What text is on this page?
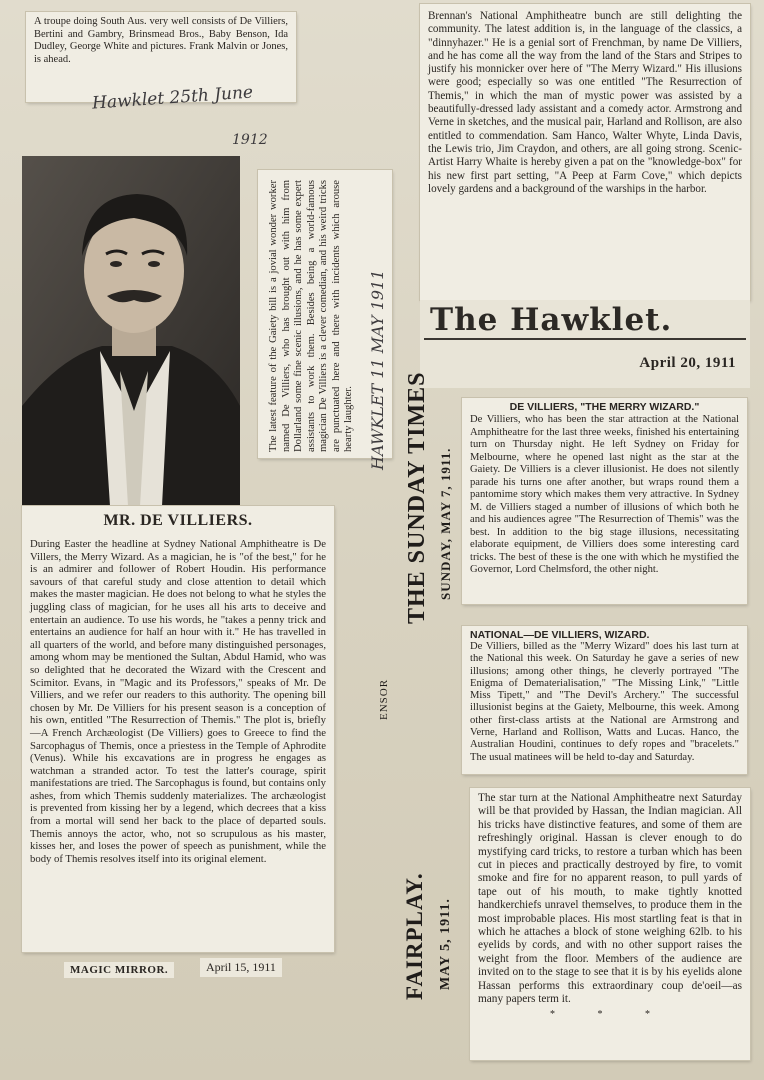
A troupe doing South Aus. very well consists of De Villiers, Bertini and Gambry, Brinsmead Bros., Baby Benson, Ida Dudley, George White and pictures. Frank Malvin or Jones, is ahead.
Hawklet 25th June
1912
The latest feature of the Gaiety bill is a jovial wonder worker named De Villiers, who has brought out with him from Dollarland some fine scenic illusions, and he has some expert assistants to work them. Besides being a world-famous magician De Villiers is a clever comedian, and his weird tricks are punctuated here and there with incidents which arouse hearty laughter. HAWKLET 11 MAY 1911
Brennan's National Amphitheatre bunch are still delighting the community. The latest addition is, in the language of the classics, a "dinnyhazer." He is a genial sort of Frenchman, by name De Villiers, and he has come all the way from the land of the Stars and Stripes to justify his monnicker over here of "The Merry Wizard." His illusions were good; especially so was one entitled "The Resurrection of Themis," in which the man of mystic power was assisted by a beautifully-dressed lady assistant and a comedy actor. Armstrong and Verne in sketches, and the musical pair, Harland and Rollison, are also entitled to commendation. Sam Hanco, Walter Whyte, Linda Davis, the Lewis trio, Jim Craydon, and others, are all going strong. Scenic-Artist Harry Whaite is hereby given a pat on the "knowledge-box" for his new first part setting, "A Peep at Farm Cove," which depicts lovely gardens and a background of the warships in the harbor.
The Hawklet.
April 20, 1911
THE SUNDAY TIMES SUNDAY, MAY 7, 1911.
DE VILLIERS, "THE MERRY WIZARD."
De Villiers, who has been the star attraction at the National Amphitheatre for the last three weeks, finished his entertaining turn on Thursday night. He left Sydney on Friday for Melbourne, where he opened last night as the star at the Gaiety. De Villiers is a clever illusionist. He does not silently parade his turns one after another, but wraps round them a pantomime story which makes them very attractive. In Sydney M. de Villiers staged a number of illusions of which both he and his audiences agree "The Resurrection of Themis" was the best. In addition to the big stage illusions, necessitating elaborate equipment, de Villiers does some interesting card tricks. The best of these is the one with which he mystified the Governor, Lord Chelmsford, the other night.
NATIONAL—DE VILLIERS, WIZARD.
De Villiers, billed as the "Merry Wizard" does his last turn at the National this week. On Saturday he gave a series of new illusions; among other things, he cleverly portrayed "The Enigma of Dematerialisation," "The Missing Link," "Little Miss Tipett," and "The Devil's Archery." The successful illusionist begins at the Gaiety, Melbourne, this week. Among other first-class artists at the National are Armstrong and Verne, Harland and Rollison, Watts and Lucas. Hanco, the Australian Houdini, continues to defy ropes and "bracelets." The usual matinees will be held to-day and Saturday.
ENSOR
FAIRPLAY. MAY 5, 1911.
The star turn at the National Amphitheatre next Saturday will be that provided by Hassan, the Indian magician. All his tricks have distinctive features, and some of them are refreshingly original. Hassan is clever enough to do mystifying card tricks, to restore a turban which has been cut in pieces and practically destroyed by fire, to vomit smoke and fire for no apparent reason, to pull yards of tape out of his mouth, to make tightly knotted handkerchiefs unravel themselves, to produce them in the most improbable places. His most startling feat is that in which he attaches a block of stone weighing 62lb. to his eyelids by cords, and with no other support raises the weight from the floor. Members of the audience are invited on to the stage to see that it is by his eyelids alone Hassan performs this extraordinary coup de'oeil—as many papers term it.
* * *
MR. DE VILLIERS.
During Easter the headline at Sydney National Amphitheatre is De Villers, the Merry Wizard. As a magician, he is "of the best," for he is an admirer and follower of Robert Houdin. His performance savours of that careful study and close attention to detail which makes the master magician. He does not belong to what he styles the juggling class of magician, for he uses all his arts to deceive and entertain an audience. To use his words, he "takes a penny trick and entertains an audience for half an hour with it." He has travelled in all quarters of the world, and before many distinguished personages, among whom may be mentioned the Sultan, Abdul Hamid, who was so delighted that he decorated the Wizard with the Crescent and Scimitor. Evans, in "Magic and its Professors," speaks of Mr. De Villiers, and we refer our readers to this authority. The opening bill chosen by Mr. De Villiers for his present season is a conception of his own, entitled "The Resurrection of Themis." The plot is, briefly—A French Archæologist (De Villiers) goes to Greece to find the Sarcophagus of Themis, once a priestess in the Temple of Aphrodite (Venus). While his excavations are in progress he engages as watchman a stranded actor. To test the latter's courage, spirit manifestations are tried. The Sarcophagus is found, but contains only ashes, from which Themis suddenly materializes. The archæologist is prevented from kissing her by a legend, which decrees that a kiss from a mortal will send her back to the place of departed souls. Themis annoys the actor, who, not so scrupulous as his master, kisses her, and loses the power of speech as punishment, while the body of Themis resolves itself into its original element.
MAGIC MIRROR.	April 15, 1911
